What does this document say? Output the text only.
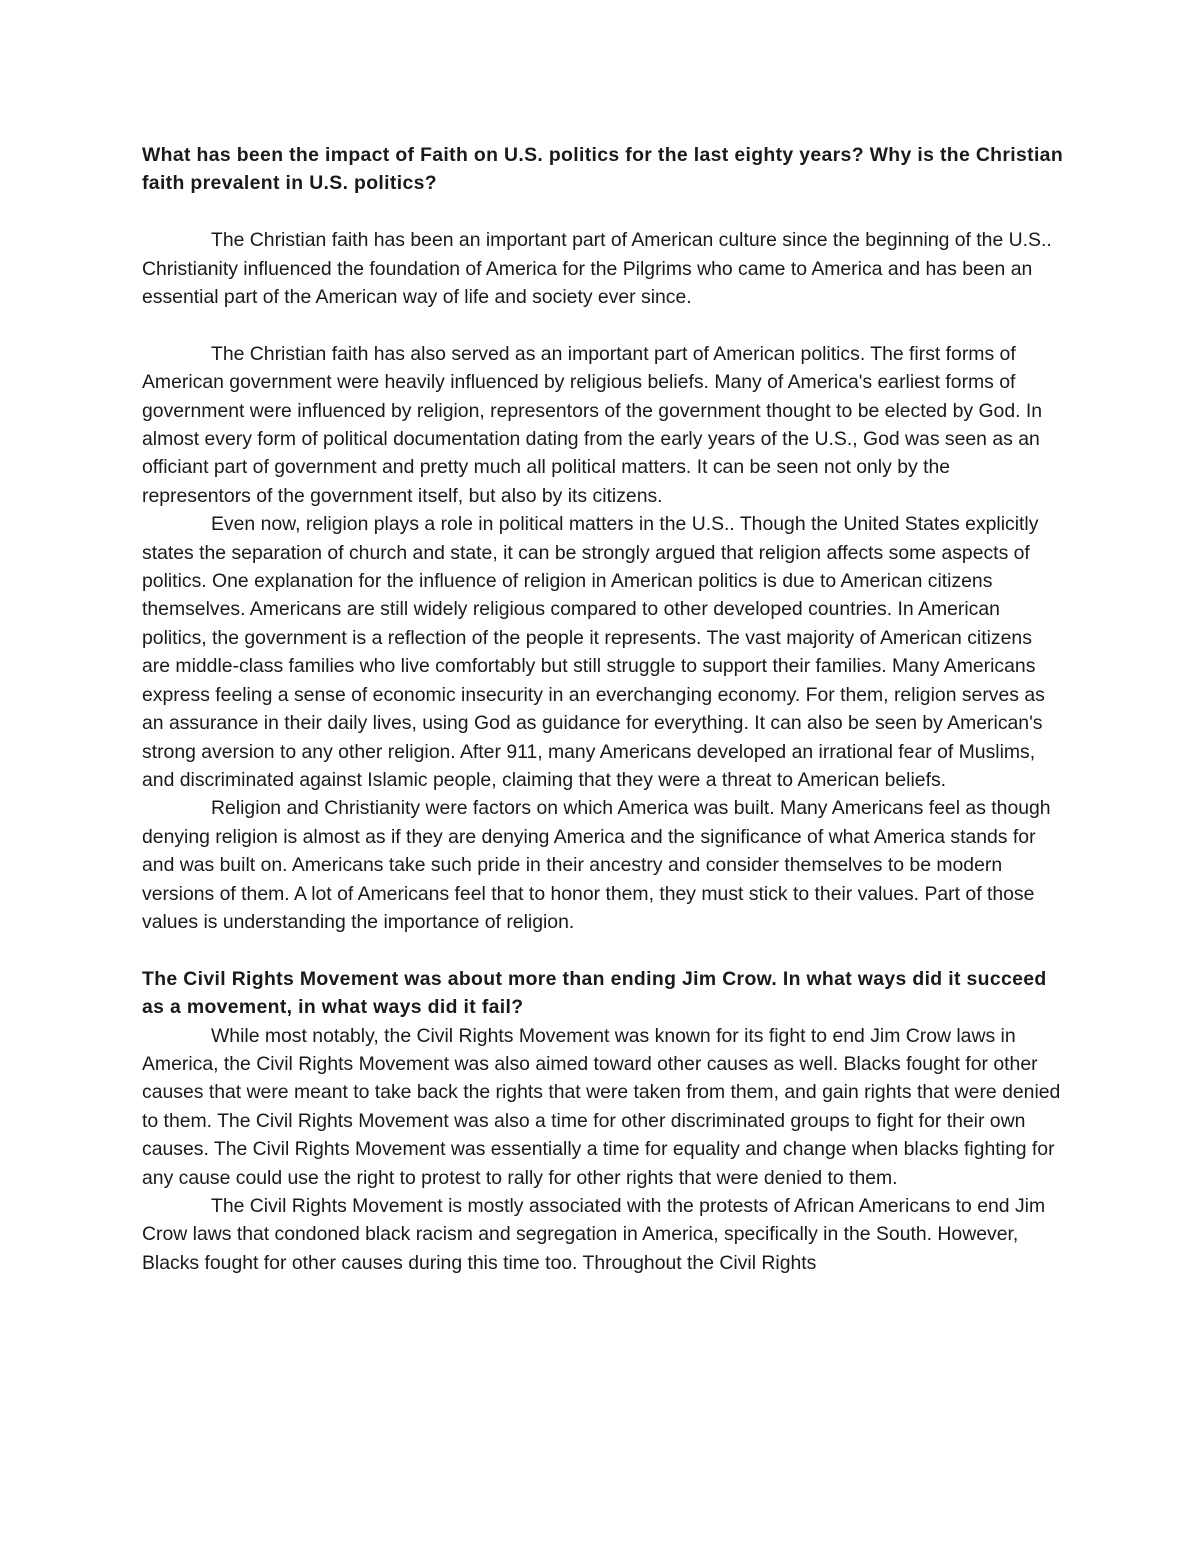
What has been the impact of Faith on U.S. politics for the last eighty years? Why is the Christian faith prevalent in U.S. politics?

The Christian faith has been an important part of American culture since the beginning of the U.S.. Christianity influenced the foundation of America for the Pilgrims who came to America and has been an essential part of the American way of life and society ever since.

The Christian faith has also served as an important part of American politics. The first forms of American government were heavily influenced by religious beliefs. Many of America's earliest forms of government were influenced by religion, representors of the government thought to be elected by God. In almost every form of political documentation dating from the early years of the U.S., God was seen as an officiant part of government and pretty much all political matters. It can be seen not only by the representors of the government itself, but also by its citizens.

Even now, religion plays a role in political matters in the U.S.. Though the United States explicitly states the separation of church and state, it can be strongly argued that religion affects some aspects of politics. One explanation for the influence of religion in American politics is due to American citizens themselves. Americans are still widely religious compared to other developed countries. In American politics, the government is a reflection of the people it represents. The vast majority of American citizens are middle-class families who live comfortably but still struggle to support their families. Many Americans express feeling a sense of economic insecurity in an everchanging economy. For them, religion serves as an assurance in their daily lives, using God as guidance for everything. It can also be seen by American's strong aversion to any other religion. After 911, many Americans developed an irrational fear of Muslims, and discriminated against Islamic people, claiming that they were a threat to American beliefs.

Religion and Christianity were factors on which America was built. Many Americans feel as though denying religion is almost as if they are denying America and the significance of what America stands for and was built on. Americans take such pride in their ancestry and consider themselves to be modern versions of them. A lot of Americans feel that to honor them, they must stick to their values. Part of those values is understanding the importance of religion.

The Civil Rights Movement was about more than ending Jim Crow. In what ways did it succeed as a movement, in what ways did it fail?

While most notably, the Civil Rights Movement was known for its fight to end Jim Crow laws in America, the Civil Rights Movement was also aimed toward other causes as well. Blacks fought for other causes that were meant to take back the rights that were taken from them, and gain rights that were denied to them. The Civil Rights Movement was also a time for other discriminated groups to fight for their own causes. The Civil Rights Movement was essentially a time for equality and change when blacks fighting for any cause could use the right to protest to rally for other rights that were denied to them.

The Civil Rights Movement is mostly associated with the protests of African Americans to end Jim Crow laws that condoned black racism and segregation in America, specifically in the South. However, Blacks fought for other causes during this time too. Throughout the Civil Rights
